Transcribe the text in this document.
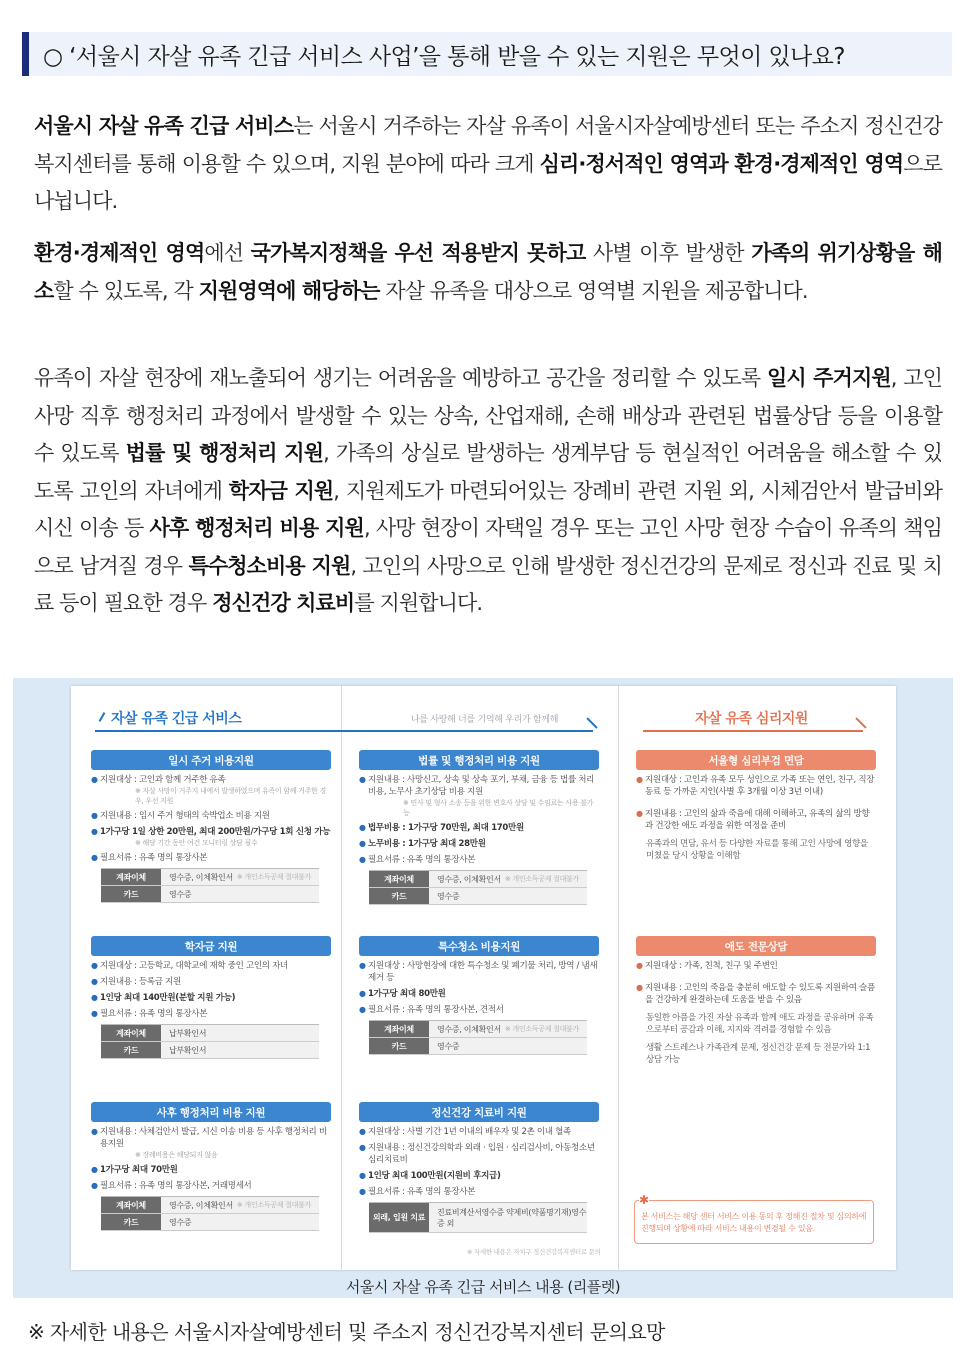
○ ‘서울시 자살 유족 긴급 서비스 사업’을 통해 받을 수 있는 지원은 무엇이 있나요?

서울시 자살 유족 긴급 서비스는 서울시 거주하는 자살 유족이 서울시자살예방센터 또는 주소지 정신건강복지센터를 통해 이용할 수 있으며, 지원 분야에 따라 크게 심리·정서적인 영역과 환경·경제적인 영역으로 나뉩니다.

환경·경제적인 영역에선 국가복지정책을 우선 적용받지 못하고 사별 이후 발생한 가족의 위기상황을 해소할 수 있도록, 각 지원영역에 해당하는 자살 유족을 대상으로 영역별 지원을 제공합니다.

유족이 자살 현장에 재노출되어 생기는 어려움을 예방하고 공간을 정리할 수 있도록 일시 주거지원, 고인 사망 직후 행정처리 과정에서 발생할 수 있는 상속, 산업재해, 손해 배상과 관련된 법률상담 등을 이용할 수 있도록 법률 및 행정처리 지원, 가족의 상실로 발생하는 생계부담 등 현실적인 어려움을 해소할 수 있도록 고인의 자녀에게 학자금 지원, 지원제도가 마련되어있는 장례비 관련 지원 외, 시체검안서 발급비와 시신 이송 등 사후 행정처리 비용 지원, 사망 현장이 자택일 경우 또는 고인 사망 현장 수습이 유족의 책임으로 남겨질 경우 특수청소비용 지원, 고인의 사망으로 인해 발생한 정신건강의 문제로 정신과 진료 및 치료 등이 필요한 경우 정신건강 치료비를 지원합니다.

자살 유족 긴급 서비스	나를 사랑해 너를 기억해 우리가 함께해	자살 유족 심리지원
일시 주거 비용지원
● 지원대상 : 고인과 함께 거주한 유족
※ 자살 사망이 거주지 내에서 발생하였으며 유족이 함께 거주한 경우, 우선 지원
● 지원내용 : 임시 주거 형태의 숙박업소 비용 지원
● 1가구당 1일 상한 20만원, 최대 200만원/가구당 1회 신청 가능
※ 해당 기간 동안 여건 모니터링 상담 필수
● 필요서류 : 유족 명의 통장사본
계좌이체	영수증, 이체확인서 ※ 개인소득공제 절대불가
카드	영수증
학자금 지원
● 지원대상 : 고등학교, 대학교에 재학 중인 고인의 자녀
● 지원내용 : 등록금 지원
● 1인당 최대 140만원(분할 지원 가능)
● 필요서류 : 유족 명의 통장사본
계좌이체	납부확인서
카드	납부확인서
사후 행정처리 비용 지원
● 지원내용 : 사체검안서 발급, 시신 이송 비용 등 사후 행정처리 비용지원
※ 장례비용은 해당되지 않음
● 1가구당 최대 70만원
● 필요서류 : 유족 명의 통장사본, 거래명세서
계좌이체	영수증, 이체확인서 ※ 개인소득공제 절대불가
카드	영수증
법률 및 행정처리 비용 지원
● 지원내용 : 사망신고, 상속 및 상속 포기, 부채, 금융 등 법률 처리 비용, 노무사 초기상담 비용 지원
※ 민사 및 형사 소송 등을 위한 변호사 상담 및 수임료는 사용 불가능
● 법무비용 : 1가구당 70만원, 최대 170만원
● 노무비용 : 1가구당 최대 28만원
● 필요서류 : 유족 명의 통장사본
계좌이체	영수증, 이체확인서 ※ 개인소득공제 절대불가
카드	영수증
특수청소 비용지원
● 지원대상 : 사망현장에 대한 특수청소 및 폐기물 처리, 방역 / 냄새 제거 등
● 1가구당 최대 80만원
● 필요서류 : 유족 명의 통장사본, 견적서
계좌이체	영수증, 이체확인서 ※ 개인소득공제 절대불가
카드	영수증
정신건강 치료비 지원
● 지원대상 : 사별 기간 1년 이내의 배우자 및 2촌 이내 혈족
● 지원내용 : 정신건강의학과 외래 · 입원 · 심리검사비, 아동청소년 심리치료비
● 1인당 최대 100만원(지원비 후지급)
● 필요서류 : 유족 명의 통장사본
외래, 입원 치료
진료비계산서영수증 약제비(약품명기재)영수증 외
※ 자세한 내용은 자치구 정신건강복지센터로 문의
서울형 심리부검 면담
● 지원대상 : 고인과 유족 모두 성인으로 가족 또는 연인, 친구, 직장동료 등 가까운 지인(사별 후 3개월 이상 3년 이내)
● 지원내용 : 고인의 삶과 죽음에 대해 이해하고, 유족의 삶의 방향과 건강한 애도 과정을 위한 여정을 준비
유족과의 면담, 유서 등 다양한 자료를 통해 고인 사망에 영향을 미쳤을 당시 상황을 이해함
애도 전문상담
● 지원대상 : 가족, 친척, 친구 및 주변인
● 지원내용 : 고인의 죽음을 충분히 애도할 수 있도록 지원하여 슬픔을 건강하게 완결하는데 도움을 받을 수 있음
동일한 아픔을 가진 자살 유족과 함께 애도 과정을 공유하며 유족으로부터 공감과 이해, 지지와 격려를 경험할 수 있음
생활 스트레스나 가족관계 문제, 정신건강 문제 등 전문가와 1:1 상담 가능
✱
본 서비스는 해당 센터 서비스 이용 동의 후 정해진 절차 및 심의하에 진행되며 상황에 따라 서비스 내용이 변경될 수 있음.
서울시 자살 유족 긴급 서비스 내용 (리플렛)
※ 자세한 내용은 서울시자살예방센터 및 주소지 정신건강복지센터 문의요망
